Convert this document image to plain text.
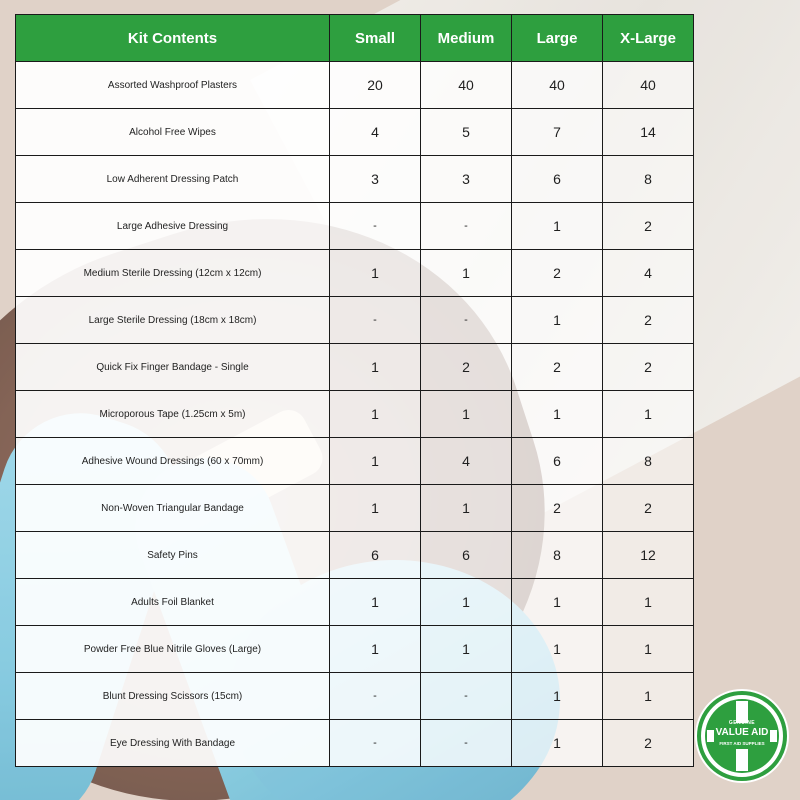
Kit Contents	Small	Medium	Large	X-Large
Assorted Washproof Plasters	20	40	40	40
Alcohol Free Wipes	4	5	7	14
Low Adherent Dressing Patch	3	3	6	8
Large Adhesive Dressing	-	-	1	2
Medium Sterile Dressing (12cm x 12cm)	1	1	2	4
Large Sterile Dressing (18cm x 18cm)	-	-	1	2
Quick Fix Finger Bandage - Single	1	2	2	2
Microporous Tape (1.25cm x 5m)	1	1	1	1
Adhesive Wound Dressings (60 x 70mm)	1	4	6	8
Non-Woven Triangular Bandage	1	1	2	2
Safety Pins	6	6	8	12
Adults Foil Blanket	1	1	1	1
Powder Free Blue Nitrile Gloves (Large)	1	1	1	1
Blunt Dressing Scissors (15cm)	-	-	1	1
Eye Dressing With Bandage	-	-	1	2
GENUINE
VALUE AID
FIRST AID SUPPLIES
